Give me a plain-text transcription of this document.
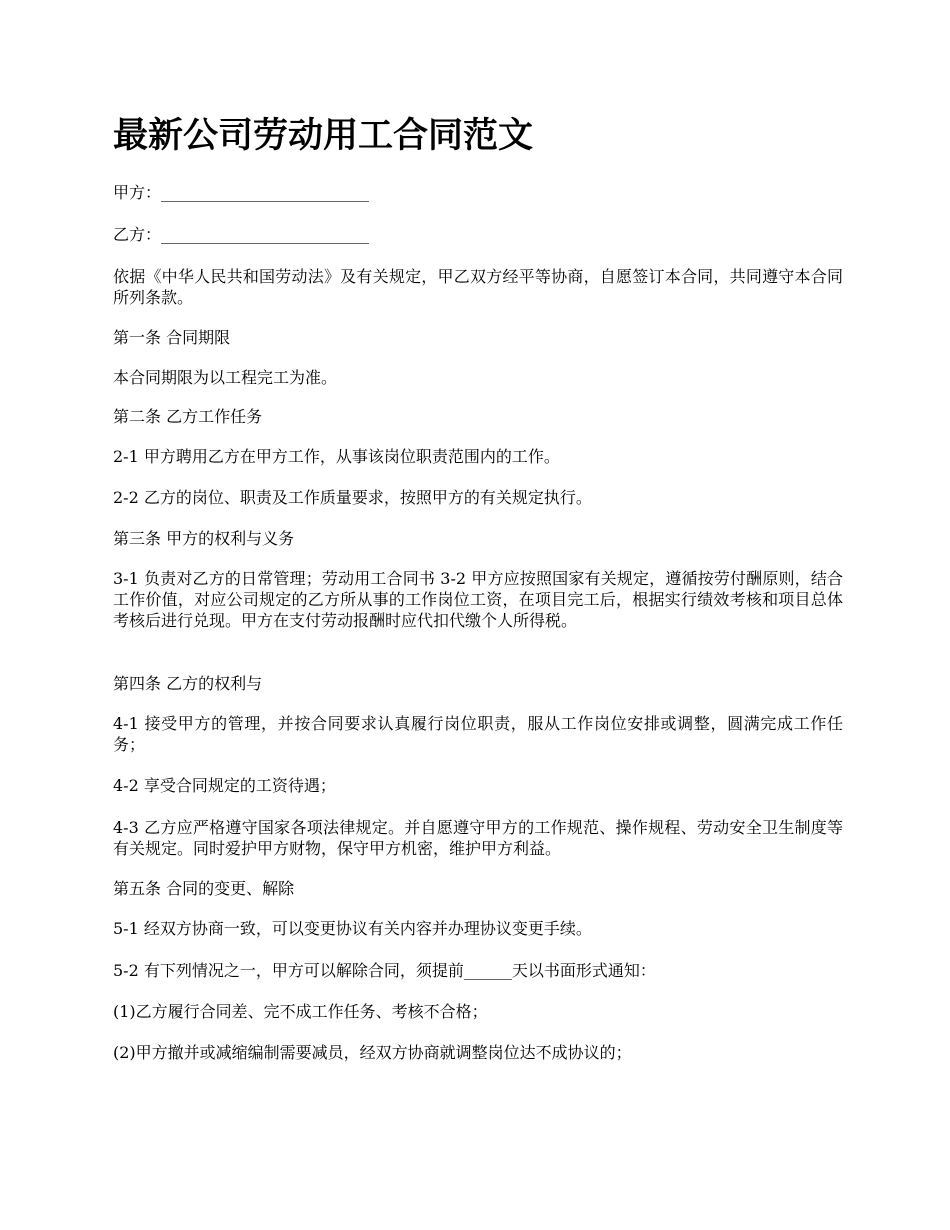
最新公司劳动用工合同范文

甲方：__________________________

乙方：__________________________

依据《中华人民共和国劳动法》及有关规定，甲乙双方经平等协商，自愿签订本合同，共同遵守本合同所列条款。

第一条 合同期限

本合同期限为以工程完工为准。

第二条 乙方工作任务

2-1 甲方聘用乙方在甲方工作，从事该岗位职责范围内的工作。

2-2 乙方的岗位、职责及工作质量要求，按照甲方的有关规定执行。

第三条 甲方的权利与义务

3-1 负责对乙方的日常管理；劳动用工合同书 3-2 甲方应按照国家有关规定，遵循按劳付酬原则，结合工作价值，对应公司规定的乙方所从事的工作岗位工资，在项目完工后，根据实行绩效考核和项目总体考核后进行兑现。甲方在支付劳动报酬时应代扣代缴个人所得税。

第四条 乙方的权利与

4-1 接受甲方的管理，并按合同要求认真履行岗位职责，服从工作岗位安排或调整，圆满完成工作任务；

4-2 享受合同规定的工资待遇；

4-3 乙方应严格遵守国家各项法律规定。并自愿遵守甲方的工作规范、操作规程、劳动安全卫生制度等有关规定。同时爱护甲方财物，保守甲方机密，维护甲方利益。

第五条 合同的变更、解除

5-1 经双方协商一致，可以变更协议有关内容并办理协议变更手续。

5-2 有下列情况之一，甲方可以解除合同，须提前______天以书面形式通知：

(1)乙方履行合同差、完不成工作任务、考核不合格；

(2)甲方撤并或减缩编制需要减员，经双方协商就调整岗位达不成协议的；
